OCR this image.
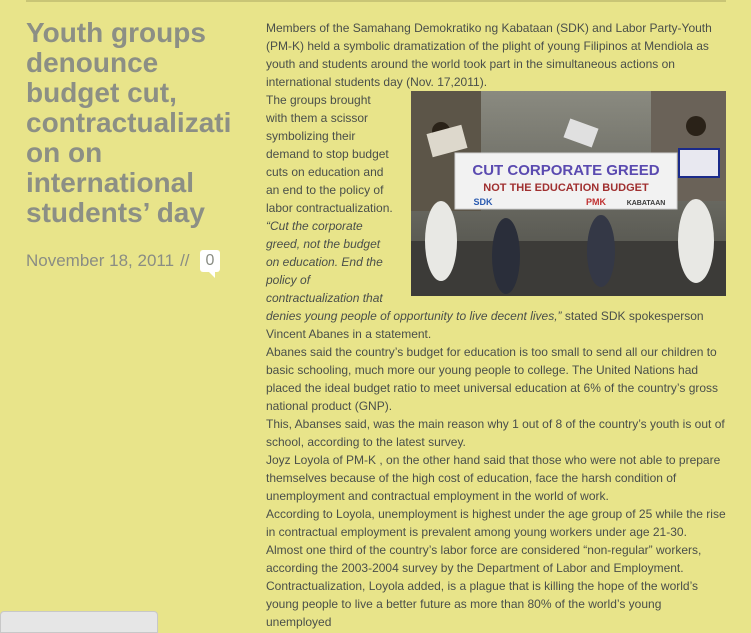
Youth groups denounce budget cut, contractualizati on on international students’ day
November 18, 2011 //	0

Members of the Samahang Demokratiko ng Kabataan (SDK) and Labor Party-Youth (PM-K) held a symbolic dramatization of the plight of young Filipinos at Mendiola as youth and students around the world took part in the simultaneous actions on international students day (Nov. 17,2011).

CUT CORPORATE GREED
NOT THE EDUCATION BUDGET
SDK	PMK	KABATAAN

The groups brought with them a scissor symbolizing their demand to stop budget cuts on education and an end to the policy of labor contractualization.
“Cut the corporate greed, not the budget on education. End the policy of contractualization that denies young people of opportunity to live decent lives,” stated SDK spokesperson Vincent Abanes in a statement.

Abanes said the country’s budget for education is too small to send all our children to basic schooling, much more our young people to college. The United Nations had placed the ideal budget ratio to meet universal education at 6% of the country’s gross national product (GNP).

This, Abanses said, was the main reason why 1 out of 8 of the country’s youth is out of school, according to the latest survey.

Joyz Loyola of PM-K , on the other hand said that those who were not able to prepare themselves because of the high cost of education, face the harsh condition of unemployment and contractual employment in the world of work.

According to Loyola, unemployment is highest under the age group of 25 while the rise in contractual employment is prevalent among young workers under age 21-30.

Almost one third of the country’s labor force are considered “non-regular” workers, according the 2003-2004 survey by the Department of Labor and Employment.

Contractualization, Loyola added, is a plague that is killing the hope of the world’s young people to live a better future as more than 80% of the world’s young unemployed
